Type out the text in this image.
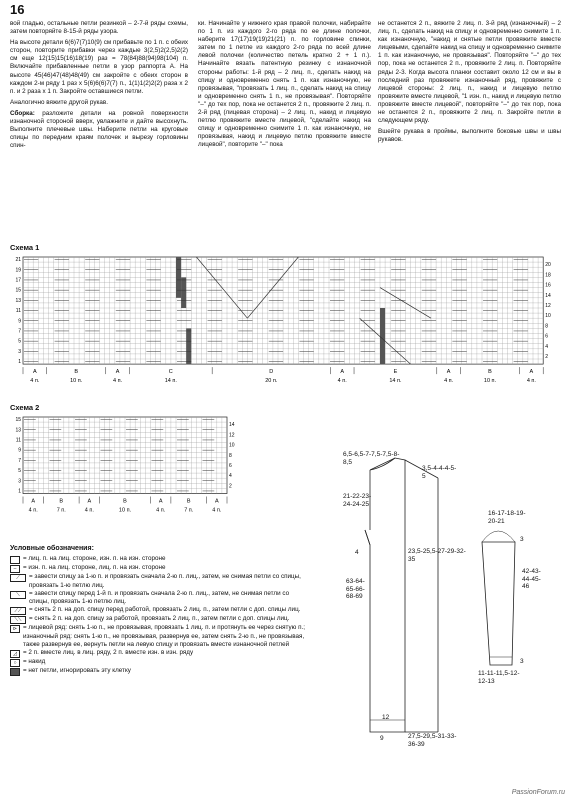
16

вой гладью, остальные петли резинкой – 2-7-й ряды схемы, затем повторяйте 8-15-й ряды узора.

На высоте детали 6(6)7(7)10(9) см прибавьте по 1 п. с обеих сторон, повторите прибавки через каждые 3(2,5)2(2,5)2(2) см еще 12(15)15(16)18(19) раз = 78(84)88(94)98(104) п. Включайте прибавленные петли в узор раппорта A. На высоте 45(46)47(48)48(49) см закройте с обеих сторон в каждом 2-м ряду 1 раз x 5(6)6(6)7(7) п., 1(1)1(2)2(2) раза x 2 п. и 2 раза x 1 п. Закройте оставшиеся петли.

Аналогично вяжите другой рукав.

Сборка: разложите детали на ровной поверхности изнаночной стороной вверх, увлажните и дайте высохнуть. Выполните плечевые швы. Наберите петли на круговые спицы по передним краям полочек и вырезу горловины спин-

ки. Начинайте у нижнего края правой полочки, набирайте по 1 п. из каждого 2-го ряда по ее длине полочки, наберите 17(17)19(19)21(21) п. по горловине спинки, затем по 1 петле из каждого 2-го ряда по всей длине левой полочки (количество петель кратно 2 + 1 п.). Начинайте вязать патентную резинку с изнаночной стороны работы: 1-й ряд – 2 лиц. п., сделать накид на спицу и одновременно снять 1 п. как изнаночную, не провязывая, "провязать 1 лиц. п., сделать накид на спицу и одновременно снять 1 п., не провязывая". Повторяйте "–" до тех пор, пока не останется 2 п., провяжите 2 лиц. п. 2-й ряд (лицевая сторона) – 2 лиц. п., накид и лицевую петлю провяжите вместе лицевой, "сделайте накид на спицу и одновременно снимите 1 п. как изнаночную, не провязывая, накид и лицевую петлю провяжите вместе лицевой", повторите "–" пока

не останется 2 п., вяжите 2 лиц. п. 3-й ряд (изнаночный) – 2 лиц. п., сделать накид на спицу и одновременно снимите 1 п. как изнаночную, "накид и снятые петли провяжите вместе лицевыми, сделайте накид на спицу и одновременно снимите 1 п. как изнаночную, не провязывая". Повторяйте "–" до тех пор, пока не останется 2 п., провяжите 2 лиц. п. Повторяйте ряды 2-3. Когда высота планки составит около 12 см и вы в последний раз провяжете изнаночный ряд, провяжите с лицевой стороны: 2 лиц. п., накид и лицевую петлю провяжите вместе лицевой, "1 изн. п., накид и лицевую петлю провяжите вместе лицевой", повторяйте "–" до тех пор, пока не останется 2 п., провяжите 2 лиц. п. Закройте петли в следующем ряду.

Вшейте рукава в проймы, выполните боковые швы и швы рукавов.

Схема 1
21
19
17
15
13
11
9
7
5
3
1
20
18
16
14
12
10
8
6
4
2
A
4 п.
B
10 п.
A
4 п.
C
14 п.
D
20 п.
A
4 п.
E
14 п.
A
4 п.
B
10 п.
A
4 п.
Схема 2
15
13
11
9
7
5
3
1
14
12
10
8
6
4
2
A
4 п.
B
7 п.
A
4 п.
B
10 п.
A
4 п.
B
7 п.
A
4 п.
Условные обозначения:
= лиц. п. на лиц. стороне, изн. п. на изн. стороне
–	= изн. п. на лиц. стороне, лиц. п. на изн. стороне
⟋	= завести спицу за 1-ю п. и провязать сначала 2-ю п. лиц., затем, не снимая петли со спицы, провязать 1-ю петлю лиц.
⟍	= завести спицу перед 1-й п. и провязать сначала 2-ю п. лиц., затем, не снимая петли со спицы, провязать 1-ю петлю лиц.
⟋⟋	= снять 2 п. на доп. спицу перед работой, провязать 2 лиц. п., затем петли с доп. спицы лиц.
⟍⟍	= снять 2 п. на доп. спицу за работой, провязать 2 лиц. п., затем петли с доп. спицы лиц.
⊳ = лицевой ряд: снять 1-ю п., не провязывая, провязать 1 лиц. п. и протянуть ее через снятую п.; изнаночный ряд: снять 1-ю п., не провязывая, развернув ее, затем снять 2-ю п., не провязывая, также развернув ее, вернуть петли на левую спицу и провязать вместе изнаночной петлей
◿ = 2 п. вместе лиц. в лиц. ряду, 2 п. вместе изн. в изн. ряду
○	= накид
= нет петли, игнорировать эту клетку
6,5-6,5-7-7,5-7,5-8-8,5
3,5-4-4-4-5-5
21-22-23-24-24-25
4
63-64-65-66-68-69
23,5-25,5-27-29-32-35
12
9	27,5-29,5-31-33-36-39
16-17-18-19-20-21
3
42-43-44-45-46
3
11-11-11,5-12-12-13
PassionForum.ru
